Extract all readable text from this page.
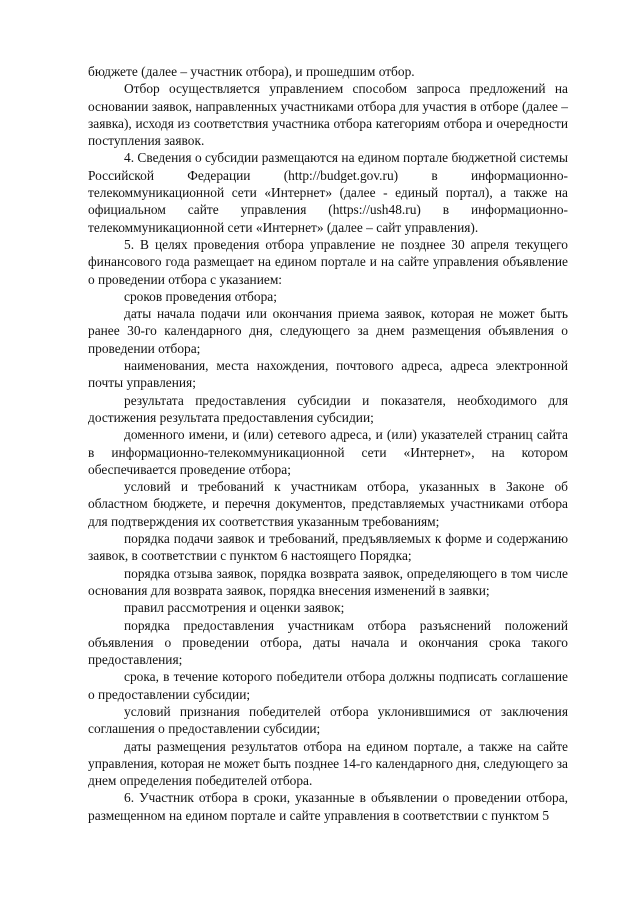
бюджете (далее – участник отбора), и прошедшим отбор.

Отбор осуществляется управлением способом запроса предложений на основании заявок, направленных участниками отбора для участия в отборе (далее – заявка), исходя из соответствия участника отбора категориям отбора и очередности поступления заявок.

4. Сведения о субсидии размещаются на едином портале бюджетной системы Российской Федерации (http://budget.gov.ru) в информационно-телекоммуникационной сети «Интернет» (далее - единый портал), а также на официальном сайте управления (https://ush48.ru) в информационно-телекоммуникационной сети «Интернет» (далее – сайт управления).

5. В целях проведения отбора управление не позднее 30 апреля текущего финансового года размещает на едином портале и на сайте управления объявление о проведении отбора с указанием:

сроков проведения отбора;

даты начала подачи или окончания приема заявок, которая не может быть ранее 30-го календарного дня, следующего за днем размещения объявления о проведении отбора;

наименования, места нахождения, почтового адреса, адреса электронной почты управления;

результата предоставления субсидии и показателя, необходимого для достижения результата предоставления субсидии;

доменного имени, и (или) сетевого адреса, и (или) указателей страниц сайта в информационно-телекоммуникационной сети «Интернет», на котором обеспечивается проведение отбора;

условий и требований к участникам отбора, указанных в Законе об областном бюджете, и перечня документов, представляемых участниками отбора для подтверждения их соответствия указанным требованиям;

порядка подачи заявок и требований, предъявляемых к форме и содержанию заявок, в соответствии с пунктом 6 настоящего Порядка;

порядка отзыва заявок, порядка возврата заявок, определяющего в том числе основания для возврата заявок, порядка внесения изменений в заявки;

правил рассмотрения и оценки заявок;

порядка предоставления участникам отбора разъяснений положений объявления о проведении отбора, даты начала и окончания срока такого предоставления;

срока, в течение которого победители отбора должны подписать соглашение о предоставлении субсидии;

условий признания победителей отбора уклонившимися от заключения соглашения о предоставлении субсидии;

даты размещения результатов отбора на едином портале, а также на сайте управления, которая не может быть позднее 14-го календарного дня, следующего за днем определения победителей отбора.

6. Участник отбора в сроки, указанные в объявлении о проведении отбора, размещенном на едином портале и сайте управления в соответствии с пунктом 5
